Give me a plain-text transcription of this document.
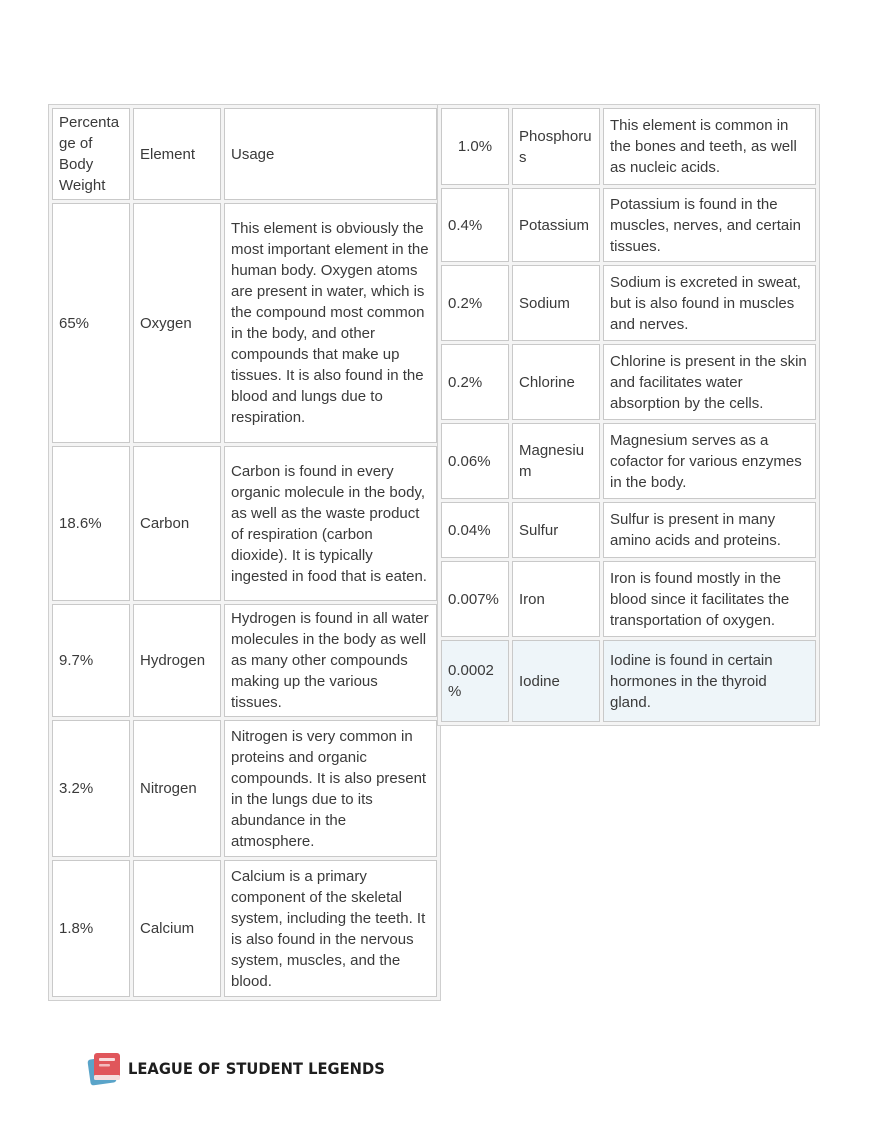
Percentage of Body Weight	Element	Usage
65%	Oxygen	This element is obviously the most important element in the human body. Oxygen atoms are present in water, which is the compound most common in the body, and other compounds that make up tissues. It is also found in the blood and lungs due to respiration.
18.6%	Carbon	Carbon is found in every organic molecule in the body, as well as the waste product of respiration (carbon dioxide). It is typically ingested in food that is eaten.
9.7%	Hydrogen	Hydrogen is found in all water molecules in the body as well as many other compounds making up the various tissues.
3.2%	Nitrogen	Nitrogen is very common in proteins and organic compounds. It is also present in the lungs due to its abundance in the atmosphere.
1.8%	Calcium	Calcium is a primary component of the skeletal system, including the teeth. It is also found in the nervous system, muscles, and the blood.
1.0%	Phosphorus	This element is common in the bones and teeth, as well as nucleic acids.
0.4%	Potassium	Potassium is found in the muscles, nerves, and certain tissues.
0.2%	Sodium	Sodium is excreted in sweat, but is also found in muscles and nerves.
0.2%	Chlorine	Chlorine is present in the skin and facilitates water absorption by the cells.
0.06%	Magnesium	Magnesium serves as a cofactor for various enzymes in the body.
0.04%	Sulfur	Sulfur is present in many amino acids and proteins.
0.007%	Iron	Iron is found mostly in the blood since it facilitates the transportation of oxygen.
0.0002%	Iodine	Iodine is found in certain hormones in the thyroid gland.
LEAGUE OF STUDENT LEGENDS
